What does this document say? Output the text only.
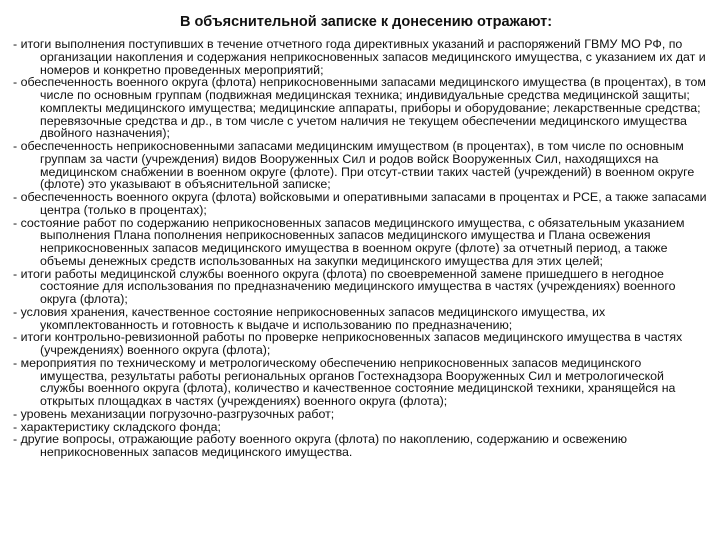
В объяснительной записке к донесению отражают:
- итоги выполнения поступивших в течение отчетного года директивных указаний и распоряжений ГВМУ МО РФ, по организации накопления и содержания неприкосновенных запасов медицинского имущества, с указанием их дат и номеров и конкретно проведенных мероприятий;
- обеспеченность военного округа (флота) неприкосновенными запасами медицинского имущества (в процентах), в том числе по основным группам (подвижная медицинская техника; индивидуальные средства медицинской защиты; комплекты медицинского имущества; медицинские аппараты, приборы и оборудование; лекарственные средства; перевязочные средства и др., в том числе с учетом наличия не текущем обеспечении медицинского имущества двойного назначения);
- обеспеченность неприкосновенными запасами медицинским имуществом (в процентах), в том числе по основным группам за части (учреждения) видов Вооруженных Сил и родов войск Вооруженных Сил, находящихся на медицинском снабжении в военном округе (флоте). При отсут-ствии таких частей (учреждений) в военном округе (флоте) это указывают в объяснительной записке;
- обеспеченность военного округа (флота) войсковыми и оперативными запасами в процентах и РСЕ, а также запасами центра (только в процентах);
- состояние работ по содержанию неприкосновенных запасов медицинского имущества, с обязательным указанием выполнения Плана пополнения неприкосновенных запасов медицинского имущества и Плана освежения неприкосновенных запасов медицинского имущества в военном округе (флоте) за отчетный период, а также объемы денежных средств использованных на закупки медицинского имущества для этих целей;
- итоги работы медицинской службы военного округа (флота) по своевременной замене пришедшего в негодное состояние для использования по предназначению медицинского имущества в частях (учреждениях) военного округа (флота);
- условия хранения, качественное состояние неприкосновенных запасов медицинского имущества, их укомплектованность и готовность к выдаче и использованию по предназначению;
- итоги контрольно-ревизионной работы по проверке неприкосновенных запасов медицинского имущества в частях (учреждениях) военного округа (флота);
- мероприятия по техническому и метрологическому обеспечению неприкосновенных запасов медицинского имущества, результаты работы региональных органов Гостехнадзора Вооруженных Сил и метрологической службы военного округа (флота), количество и качественное состояние медицинской техники, хранящейся на открытых площадках в частях (учреждениях) военного округа (флота);
- уровень механизации погрузочно-разгрузочных работ;
- характеристику складского фонда;
- другие вопросы, отражающие работу военного округа (флота) по накоплению, содержанию и освежению неприкосновенных запасов медицинского имущества.
